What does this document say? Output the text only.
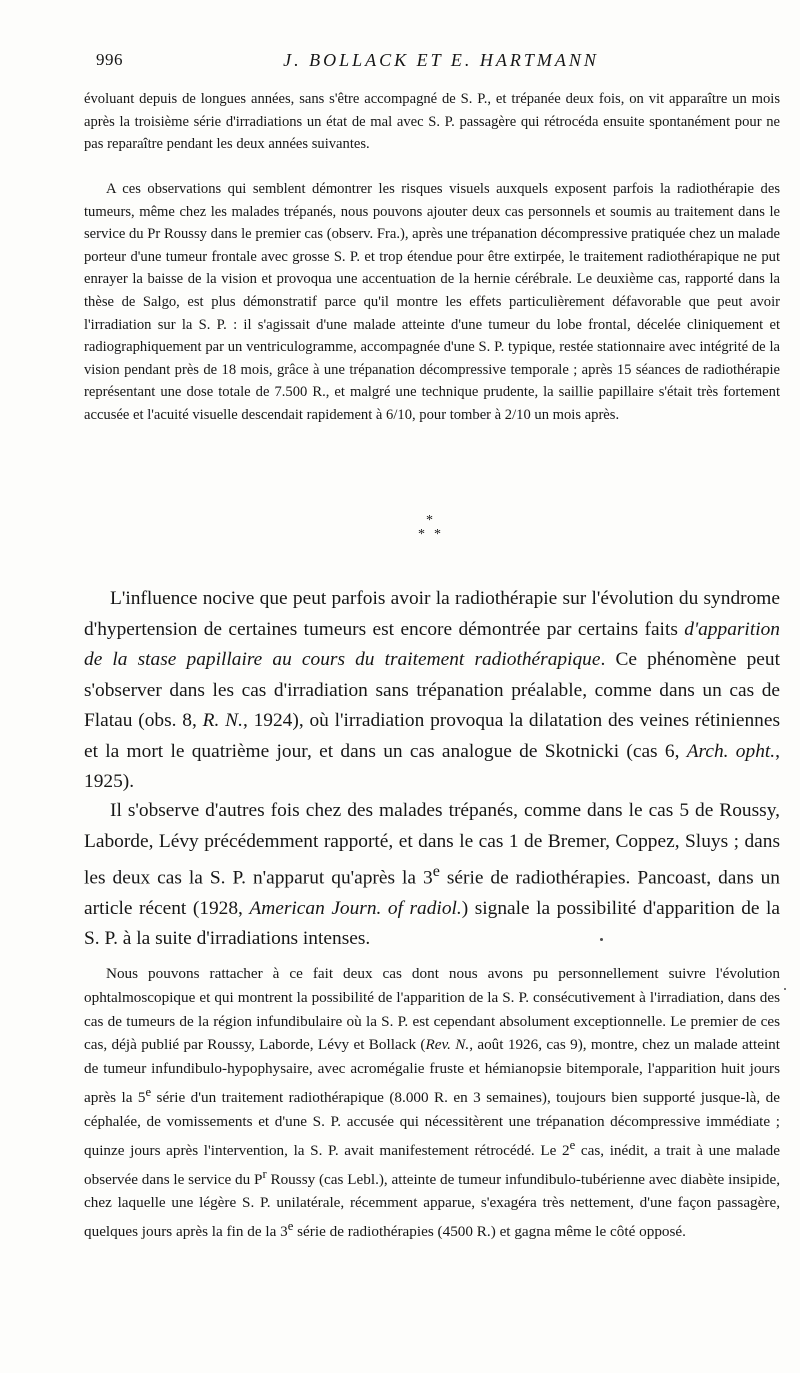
996	J. BOLLACK ET E. HARTMANN

évoluant depuis de longues années, sans s'être accompagné de S. P., et trépanée deux fois, on vit apparaître un mois après la troisième série d'irradiations un état de mal avec S. P. passagère qui rétrocéda ensuite spontanément pour ne pas reparaître pendant les deux années suivantes.

A ces observations qui semblent démontrer les risques visuels auxquels exposent parfois la radiothérapie des tumeurs, même chez les malades trépanés, nous pouvons ajouter deux cas personnels et soumis au traitement dans le service du Pr Roussy dans le premier cas (observ. Fra.), après une trépanation décompressive pratiquée chez un malade porteur d'une tumeur frontale avec grosse S. P. et trop étendue pour être extirpée, le traitement radiothérapique ne put enrayer la baisse de la vision et provoqua une accentuation de la hernie cérébrale. Le deuxième cas, rapporté dans la thèse de Salgo, est plus démonstratif parce qu'il montre les effets particulièrement défavorable que peut avoir l'irradiation sur la S. P. : il s'agissait d'une malade atteinte d'une tumeur du lobe frontal, décelée cliniquement et radiographiquement par un ventriculogramme, accompagnée d'une S. P. typique, restée stationnaire avec intégrité de la vision pendant près de 18 mois, grâce à une trépanation décompressive temporale ; après 15 séances de radiothérapie représentant une dose totale de 7.500 R., et malgré une technique prudente, la saillie papillaire s'était très fortement accusée et l'acuité visuelle descendait rapidement à 6/10, pour tomber à 2/10 un mois après.

*
* *

L'influence nocive que peut parfois avoir la radiothérapie sur l'évolution du syndrome d'hypertension de certaines tumeurs est encore démontrée par certains faits d'apparition de la stase papillaire au cours du traitement radiothérapique. Ce phénomène peut s'observer dans les cas d'irradiation sans trépanation préalable, comme dans un cas de Flatau (obs. 8, R. N., 1924), où l'irradiation provoqua la dilatation des veines rétiniennes et la mort le quatrième jour, et dans un cas analogue de Skotnicki (cas 6, Arch. opht., 1925).

Il s'observe d'autres fois chez des malades trépanés, comme dans le cas 5 de Roussy, Laborde, Lévy précédemment rapporté, et dans le cas 1 de Bremer, Coppez, Sluys ; dans les deux cas la S. P. n'apparut qu'après la 3e série de radiothérapies. Pancoast, dans un article récent (1928, American Journ. of radiol.) signale la possibilité d'apparition de la S. P. à la suite d'irradiations intenses.

Nous pouvons rattacher à ce fait deux cas dont nous avons pu personnellement suivre l'évolution ophtalmoscopique et qui montrent la possibilité de l'apparition de la S. P. consécutivement à l'irradiation, dans des cas de tumeurs de la région infundibulaire où la S. P. est cependant absolument exceptionnelle. Le premier de ces cas, déjà publié par Roussy, Laborde, Lévy et Bollack (Rev. N., août 1926, cas 9), montre, chez un malade atteint de tumeur infundibulo-hypophysaire, avec acromégalie fruste et hémianopsie bitemporale, l'apparition huit jours après la 5e série d'un traitement radiothérapique (8.000 R. en 3 semaines), toujours bien supporté jusque-là, de céphalée, de vomissements et d'une S. P. accusée qui nécessitèrent une trépanation décompressive immédiate ; quinze jours après l'intervention, la S. P. avait manifestement rétrocédé. Le 2e cas, inédit, a trait à une malade observée dans le service du $P^r$ Roussy (cas Lebl.), atteinte de tumeur infundibulo-tubérienne avec diabète insipide, chez laquelle une légère S. P. unilatérale, récemment apparue, s'exagéra très nettement, d'une façon passagère, quelques jours après la fin de la 3e série de radiothérapies (4500 R.) et gagna même le côté opposé.
